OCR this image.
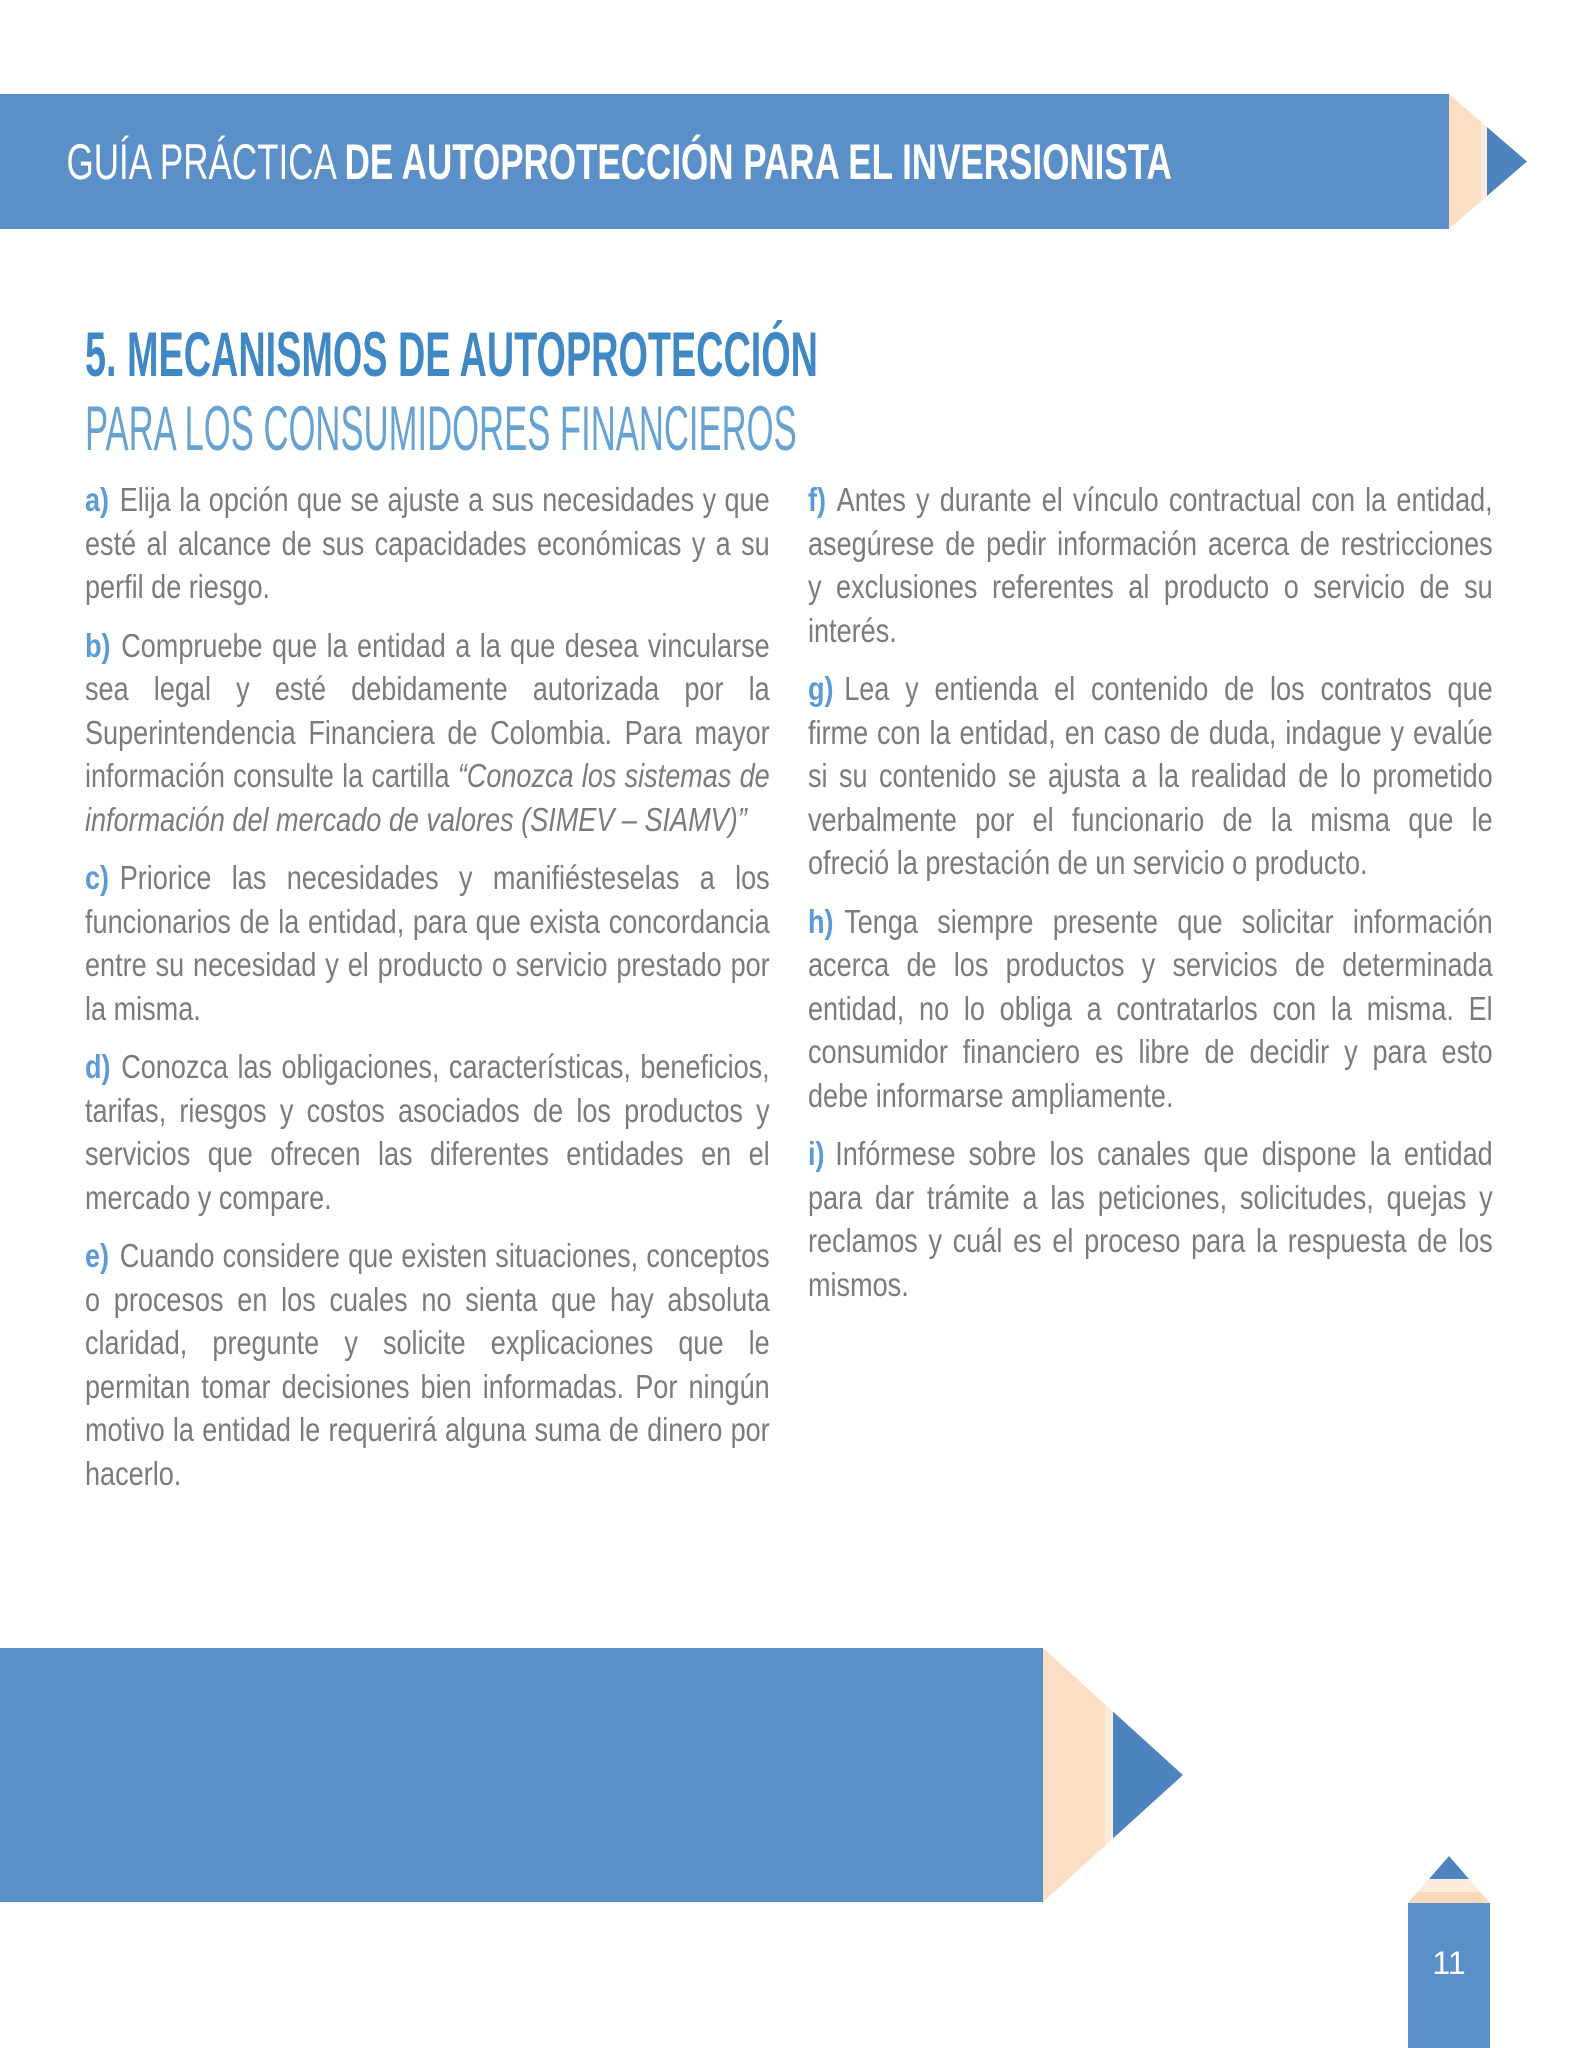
GUÍA PRÁCTICA DE AUTOPROTECCIÓN PARA EL INVERSIONISTA
5. MECANISMOS DE AUTOPROTECCIÓN
PARA LOS CONSUMIDORES FINANCIEROS

a) Elija la opción que se ajuste a sus necesidades y que esté al alcance de sus capacidades económicas y a su perfil de riesgo.

b) Compruebe que la entidad a la que desea vincularse sea legal y esté debidamente autorizada por la Superintendencia Financiera de Colombia. Para mayor información consulte la cartilla “Conozca los sistemas de información del mercado de valores (SIMEV – SIAMV)”

c) Priorice las necesidades y manifiésteselas a los funcionarios de la entidad, para que exista concordancia entre su necesidad y el producto o servicio prestado por la misma.

d) Conozca las obligaciones, características, beneficios, tarifas, riesgos y costos asociados de los productos y servicios que ofrecen las diferentes entidades en el mercado y compare.

e) Cuando considere que existen situaciones, conceptos o procesos en los cuales no sienta que hay absoluta claridad, pregunte y solicite explicaciones que le permitan tomar decisiones bien informadas. Por ningún motivo la entidad le requerirá alguna suma de dinero por hacerlo.

f) Antes y durante el vínculo contractual con la entidad, asegúrese de pedir información acerca de restricciones y exclusiones referentes al producto o servicio de su interés.

g) Lea y entienda el contenido de los contratos que firme con la entidad, en caso de duda, indague y evalúe si su contenido se ajusta a la realidad de lo prometido verbalmente por el funcionario de la misma que le ofreció la prestación de un servicio o producto.

h) Tenga siempre presente que solicitar información acerca de los productos y servicios de determinada entidad, no lo obliga a contratarlos con la misma. El consumidor financiero es libre de decidir y para esto debe informarse ampliamente.

i) Infórmese sobre los canales que dispone la entidad para dar trámite a las peticiones, solicitudes, quejas y reclamos y cuál es el proceso para la respuesta de los mismos.

11
